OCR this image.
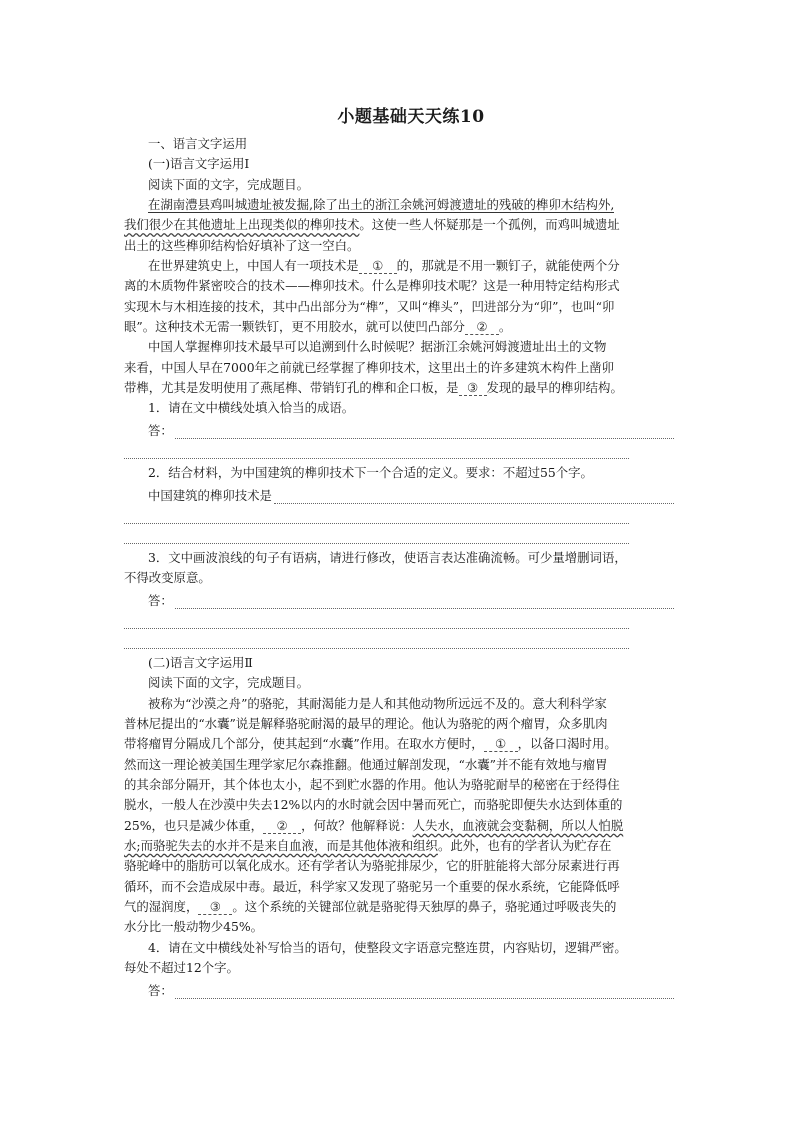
小题基础天天练10
一、语言文字运用
(一)语言文字运用Ⅰ
阅读下面的文字，完成题目。
在湖南澧县鸡叫城遗址被发掘,除了出土的浙江余姚河姆渡遗址的残破的榫卯木结构外,
我们很少在其他遗址上出现类似的榫卯技术。这使一些人怀疑那是一个孤例，而鸡叫城遗址
出土的这些榫卯结构恰好填补了这一空白。
在世界建筑史上，中国人有一项技术是 ① 的，那就是不用一颗钉子，就能使两个分
离的木质物件紧密咬合的技术——榫卯技术。什么是榫卯技术呢？这是一种用特定结构形式
实现木与木相连接的技术，其中凸出部分为“榫”，又叫“榫头”，凹进部分为“卯”，也叫“卯
眼”。这种技术无需一颗铁钉，更不用胶水，就可以使凹凸部分 ② 。
中国人掌握榫卯技术最早可以追溯到什么时候呢？据浙江余姚河姆渡遗址出土的文物
来看，中国人早在7000年之前就已经掌握了榫卯技术，这里出土的许多建筑木构件上凿卯
带榫，尤其是发明使用了燕尾榫、带销钉孔的榫和企口板，是 ③ 发现的最早的榫卯结构。
1．请在文中横线处填入恰当的成语。
答：
2．结合材料，为中国建筑的榫卯技术下一个合适的定义。要求：不超过55个字。
中国建筑的榫卯技术是
3．文中画波浪线的句子有语病，请进行修改，使语言表达准确流畅。可少量增删词语，
不得改变原意。
答：
(二)语言文字运用Ⅱ
阅读下面的文字，完成题目。
被称为“沙漠之舟”的骆驼，其耐渴能力是人和其他动物所远远不及的。意大利科学家
普林尼提出的“水囊”说是解释骆驼耐渴的最早的理论。他认为骆驼的两个瘤胃，众多肌肉
带将瘤胃分隔成几个部分，使其起到“水囊”作用。在取水方便时， ① ，以备口渴时用。
然而这一理论被美国生理学家尼尔森推翻。他通过解剖发现，“水囊”并不能有效地与瘤胃
的其余部分隔开，其个体也太小，起不到贮水器的作用。他认为骆驼耐旱的秘密在于经得住
脱水，一般人在沙漠中失去12%以内的水时就会因中暑而死亡，而骆驼即便失水达到体重的
25%，也只是减少体重， ② ，何故？他解释说：人失水，血液就会变黏稠，所以人怕脱
水;而骆驼失去的水并不是来自血液，而是其他体液和组织。此外，也有的学者认为贮存在
骆驼峰中的脂肪可以氧化成水。还有学者认为骆驼排尿少，它的肝脏能将大部分尿素进行再
循环，而不会造成尿中毒。最近，科学家又发现了骆驼另一个重要的保水系统，它能降低呼
气的湿润度， ③ 。这个系统的关键部位就是骆驼得天独厚的鼻子，骆驼通过呼吸丧失的
水分比一般动物少45%。
4．请在文中横线处补写恰当的语句，使整段文字语意完整连贯，内容贴切，逻辑严密。
每处不超过12个字。
答：
